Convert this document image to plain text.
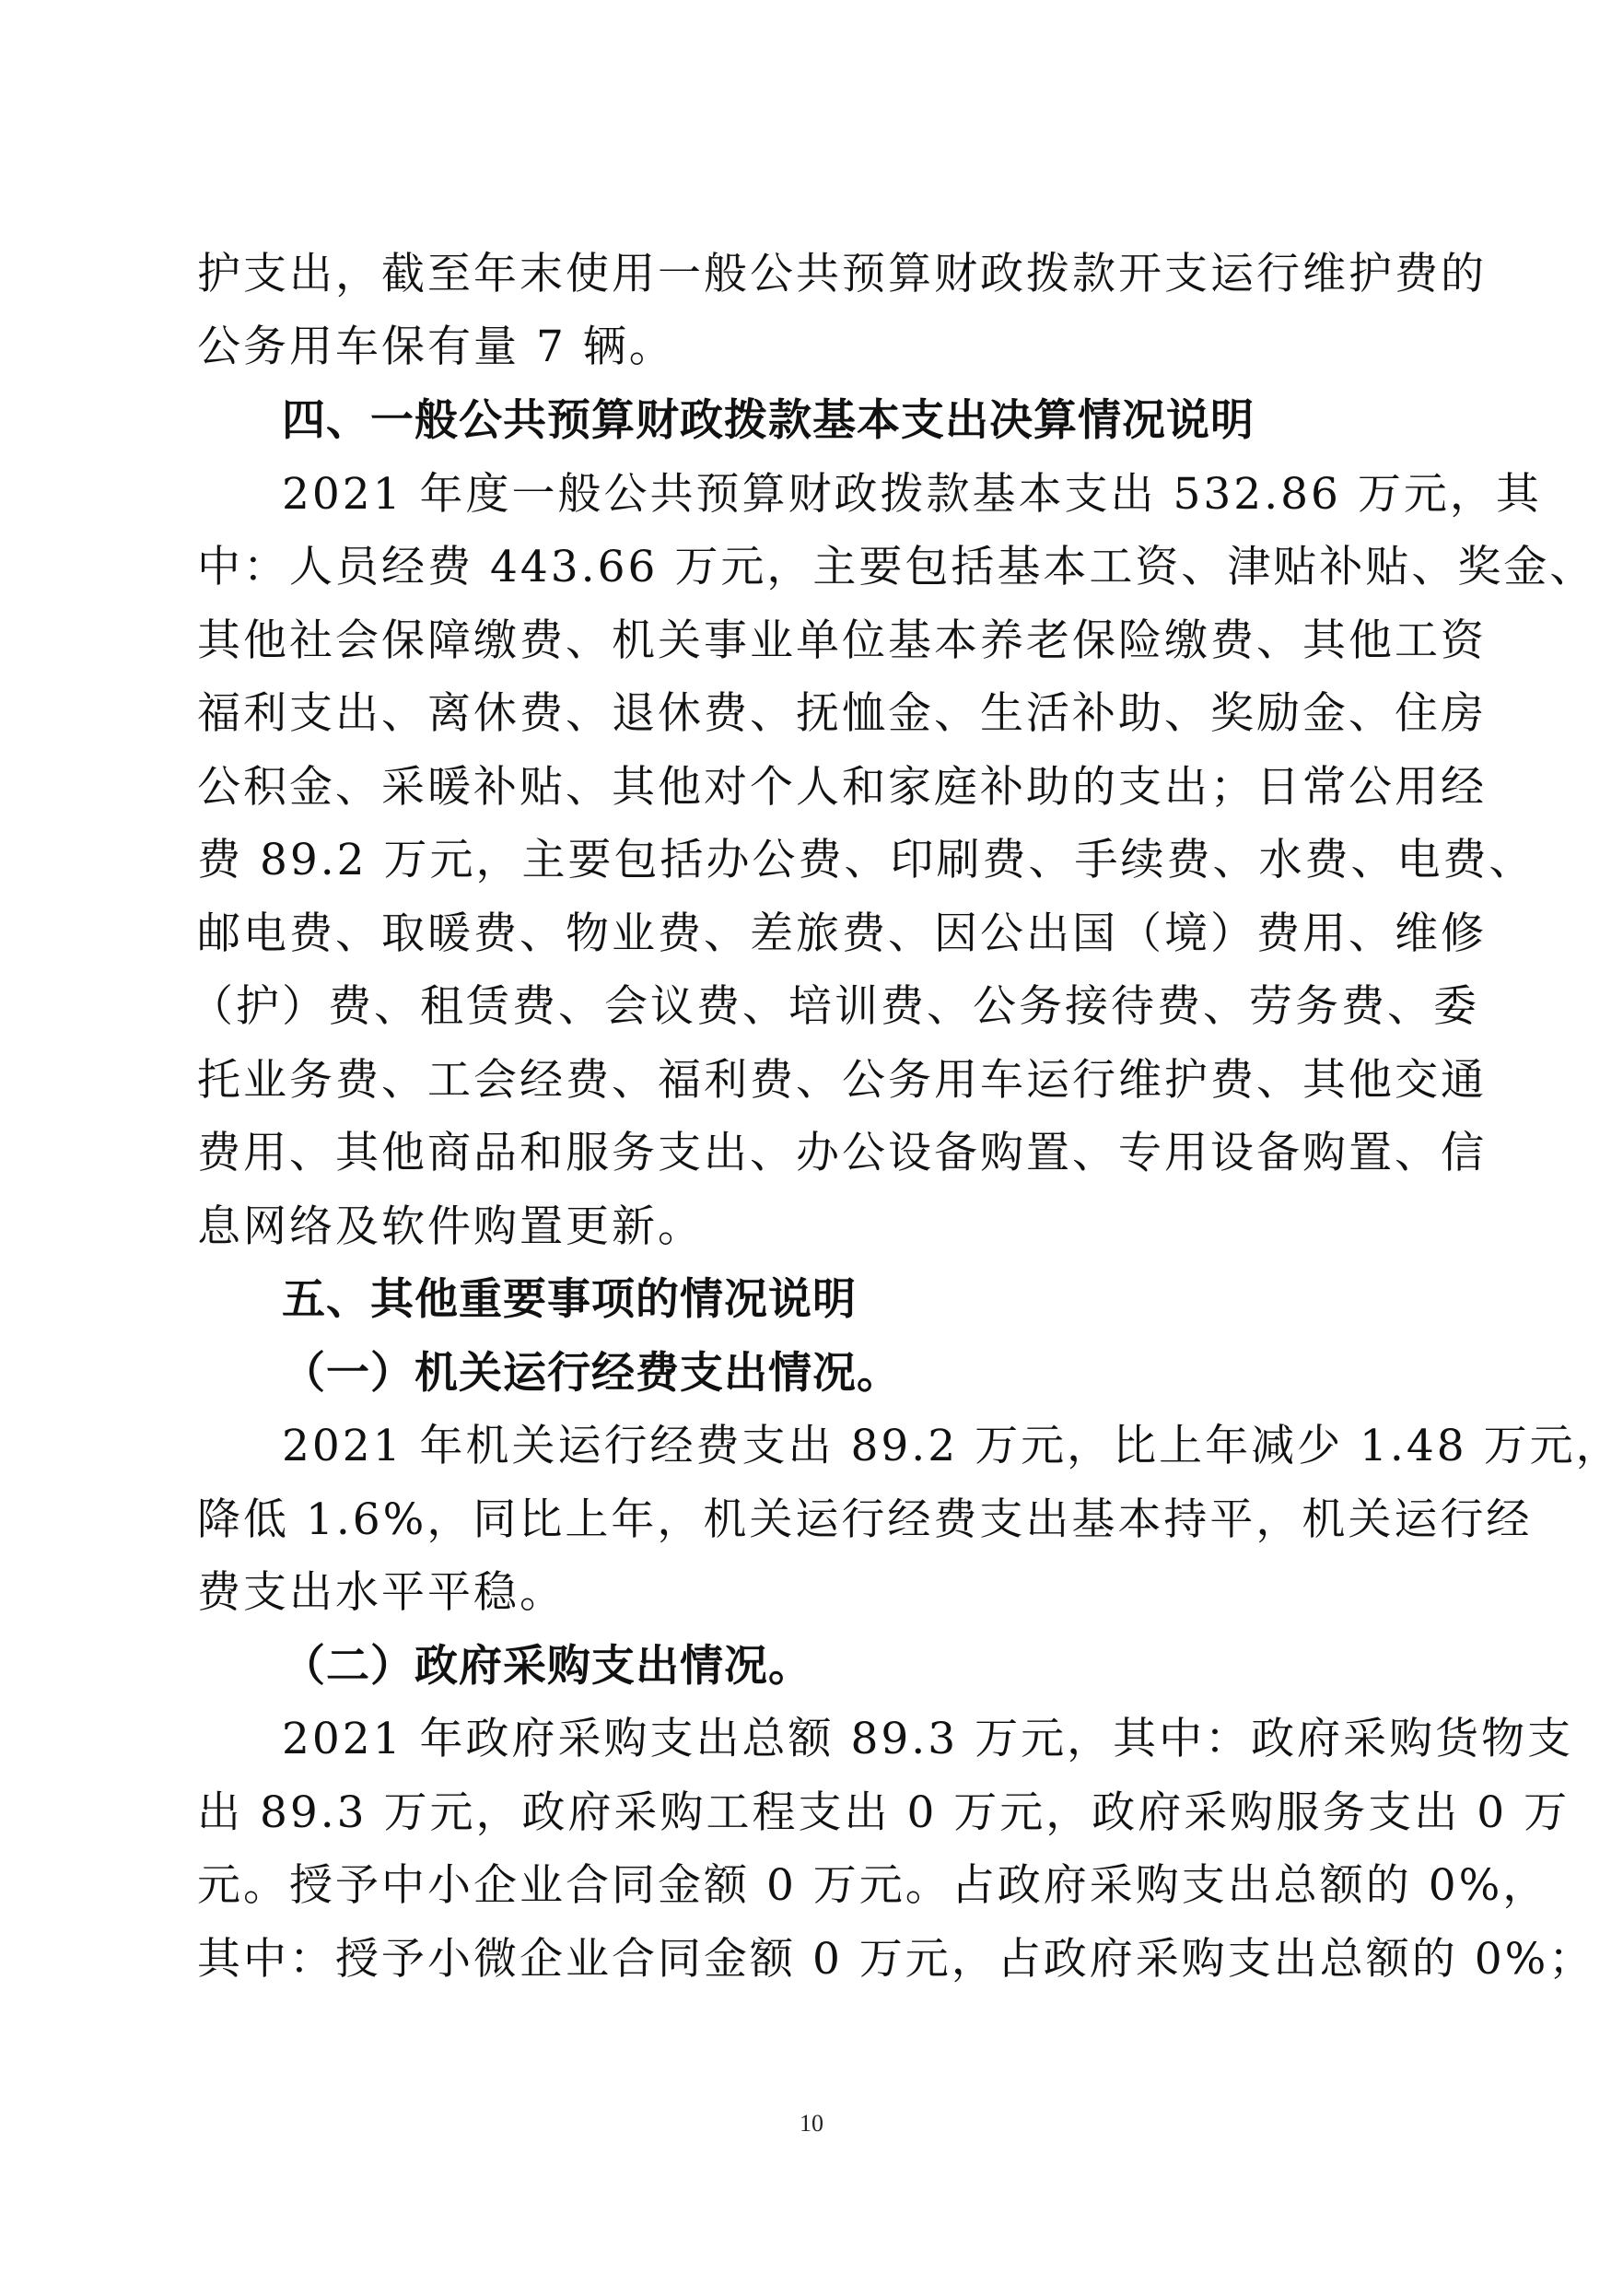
护支出，截至年末使用一般公共预算财政拨款开支运行维护费的
公务用车保有量 7 辆。
四、一般公共预算财政拨款基本支出决算情况说明
2021 年度一般公共预算财政拨款基本支出 532.86 万元，其
中：人员经费 443.66 万元，主要包括基本工资、津贴补贴、奖金、
其他社会保障缴费、机关事业单位基本养老保险缴费、其他工资
福利支出、离休费、退休费、抚恤金、生活补助、奖励金、住房
公积金、采暖补贴、其他对个人和家庭补助的支出；日常公用经
费 89.2 万元，主要包括办公费、印刷费、手续费、水费、电费、
邮电费、取暖费、物业费、差旅费、因公出国（境）费用、维修
（护）费、租赁费、会议费、培训费、公务接待费、劳务费、委
托业务费、工会经费、福利费、公务用车运行维护费、其他交通
费用、其他商品和服务支出、办公设备购置、专用设备购置、信
息网络及软件购置更新。
五、其他重要事项的情况说明
（一）机关运行经费支出情况。
2021 年机关运行经费支出 89.2 万元，比上年减少 1.48 万元，
降低 1.6%，同比上年，机关运行经费支出基本持平，机关运行经
费支出水平平稳。
（二）政府采购支出情况。
2021 年政府采购支出总额 89.3 万元，其中：政府采购货物支
出 89.3 万元，政府采购工程支出 0 万元，政府采购服务支出 0 万
元。授予中小企业合同金额 0 万元。占政府采购支出总额的 0%，
其中：授予小微企业合同金额 0 万元，占政府采购支出总额的 0%；
10
